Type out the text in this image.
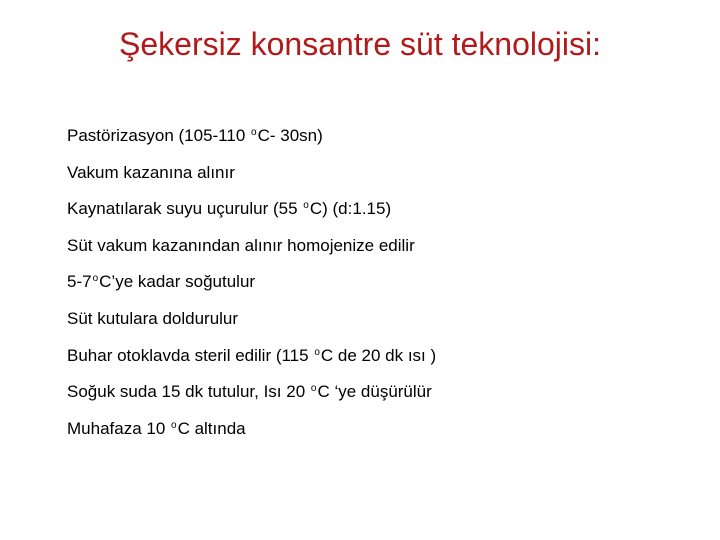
Şekersiz konsantre süt teknolojisi:
Pastörizasyon (105-110 $^o$C- 30sn)
Vakum kazanına alınır
Kaynatılarak suyu uçurulur (55 $^o$C) (d:1.15)
Süt vakum kazanından alınır homojenize edilir
5-7$^o$C’ye kadar soğutulur
Süt kutulara doldurulur
Buhar otoklavda steril edilir (115 $^o$C de 20 dk ısı )
Soğuk suda 15 dk tutulur, Isı 20 $^o$C ‘ye düşürülür
Muhafaza 10 $^o$C altında
